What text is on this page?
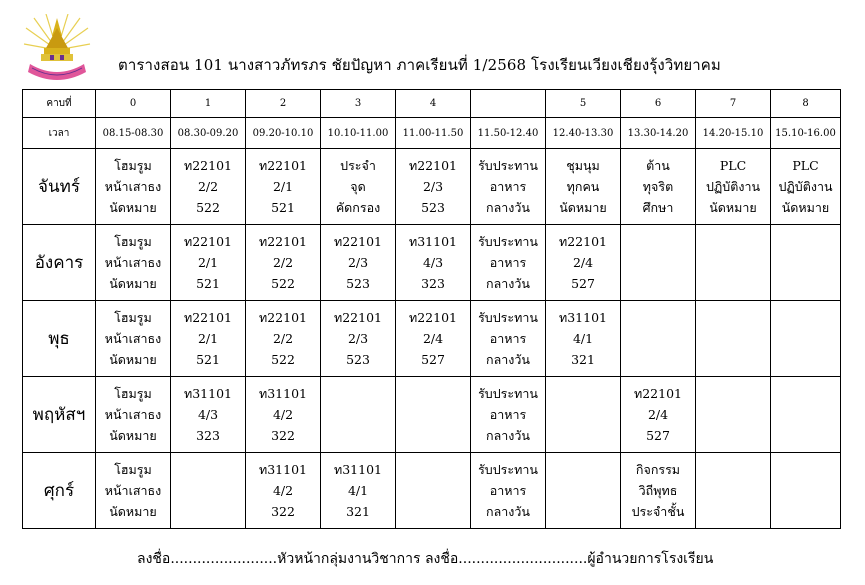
ตารางสอน 101 นางสาวภัทรภร ชัยปัญหา ภาคเรียนที่ 1/2568 โรงเรียนเวียงเชียงรุ้งวิทยาคม
คาบที่	0	1	2	3	4		5	6	7	8
เวลา	08.15-08.30	08.30-09.20	09.20-10.10	10.10-11.00	11.00-11.50	11.50-12.40	12.40-13.30	13.30-14.20	14.20-15.10	15.10-16.00
จันทร์	โฮมรูม
หน้าเสาธง
นัดหมาย	ท22101
2/2
522	ท22101
2/1
521	ประจำ
จุด
คัดกรอง	ท22101
2/3
523	รับประทาน
อาหาร
กลางวัน	ชุมนุม
ทุกคน
นัดหมาย	ต้าน
ทุจริต
ศึกษา	PLC
ปฏิบัติงาน
นัดหมาย	PLC
ปฏิบัติงาน
นัดหมาย

อังคาร	โฮมรูม
หน้าเสาธง
นัดหมาย	ท22101
2/1
521	ท22101
2/2
522	ท22101
2/3
523	ท31101
4/3
323	รับประทาน
อาหาร
กลางวัน	ท22101
2/4
527			

พุธ	โฮมรูม
หน้าเสาธง
นัดหมาย	ท22101
2/1
521	ท22101
2/2
522	ท22101
2/3
523	ท22101
2/4
527	รับประทาน
อาหาร
กลางวัน	ท31101
4/1
321			

พฤหัสฯ	โฮมรูม
หน้าเสาธง
นัดหมาย	ท31101
4/3
323	ท31101
4/2
322			รับประทาน
อาหาร
กลางวัน		ท22101
2/4
527		

ศุกร์	โฮมรูม
หน้าเสาธง
นัดหมาย		ท31101
4/2
322	ท31101
4/1
321		รับประทาน
อาหาร
กลางวัน		กิจกรรม
วิถีพุทธ
ประจำชั้น		

ลงชื่อ........................หัวหน้ากลุ่มงานวิชาการ ลงชื่อ.............................ผู้อำนวยการโรงเรียน
